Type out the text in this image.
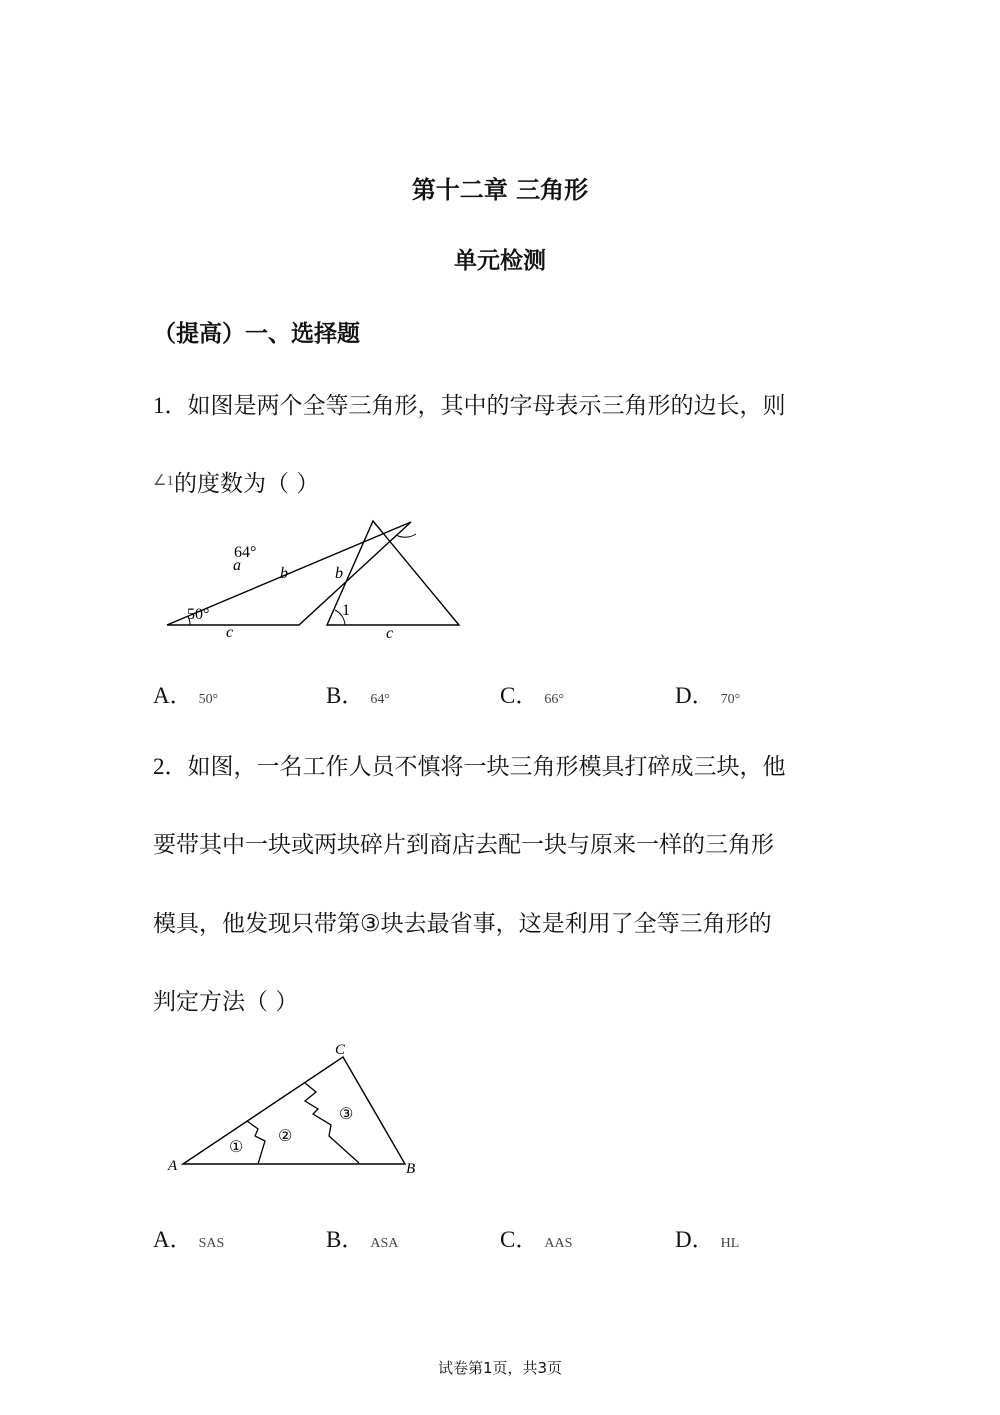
第十二章 三角形
单元检测
（提高）一、选择题
1．如图是两个全等三角形，其中的字母表示三角形的边长，则
$^{\angle 1}$的度数为（ ）
a b
c
64°
50°
b
1
c
A． 50°	B． 64°	C． 66°	D． 70°
2．如图，一名工作人员不慎将一块三角形模具打碎成三块，他
要带其中一块或两块碎片到商店去配一块与原来一样的三角形
模具，他发现只带第③块去最省事，这是利用了全等三角形的
判定方法（ ）
A	B
C
①
②
③
A． SAS	B． ASA	C． AAS	D． HL
试卷第1页，共3页
